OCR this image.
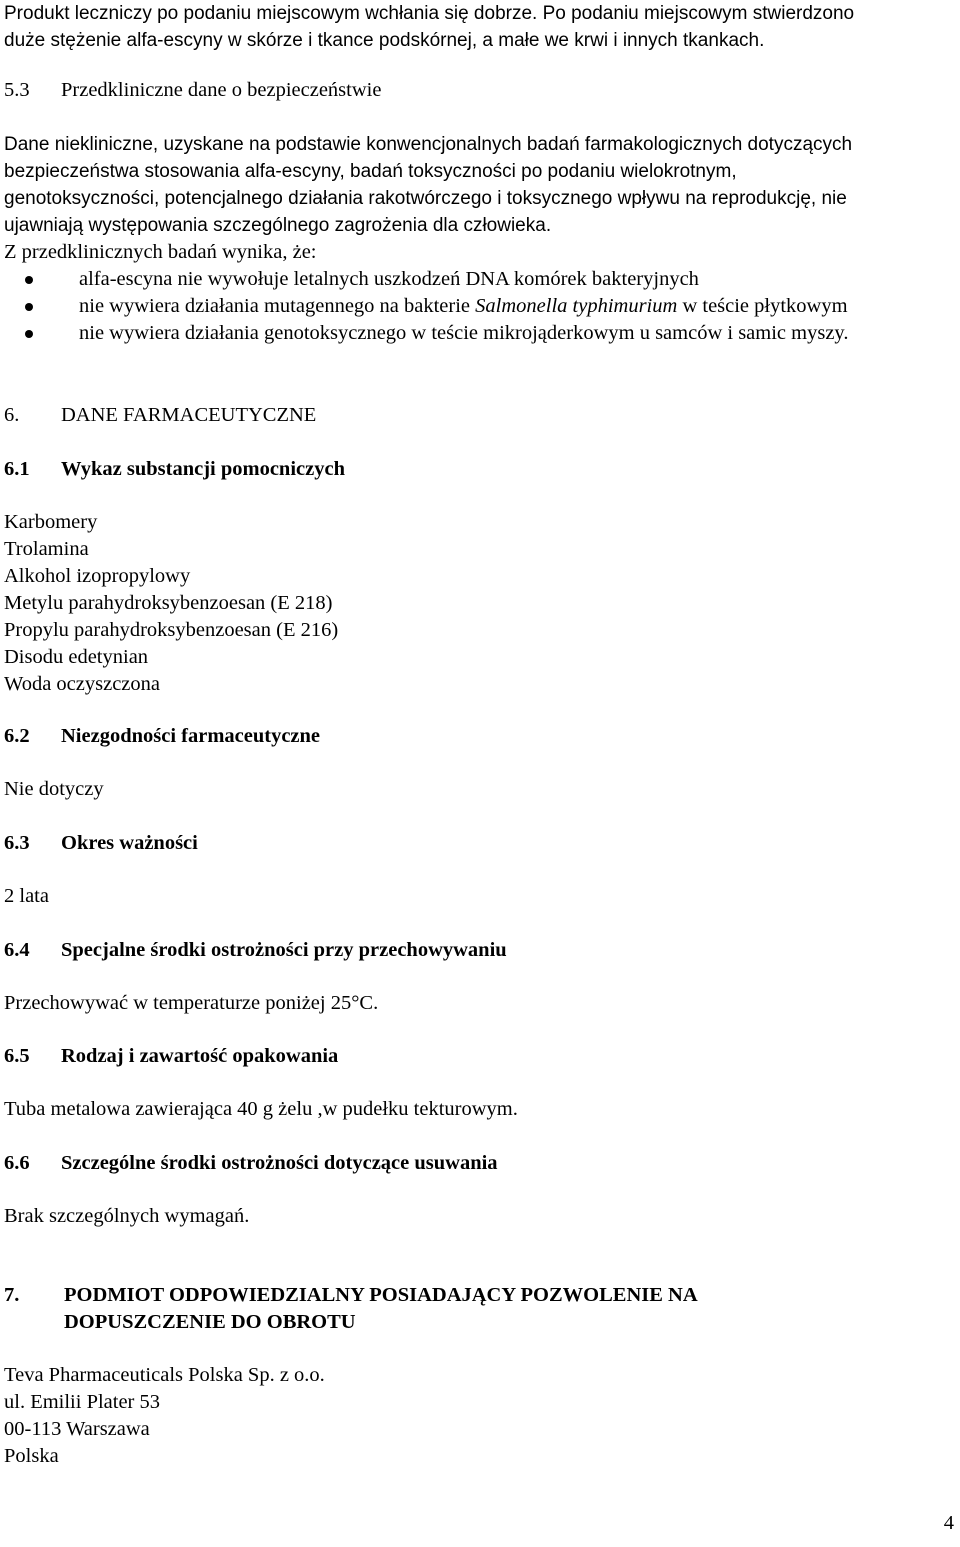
Produkt leczniczy po podaniu miejscowym wchłania się dobrze. Po podaniu miejscowym stwierdzono
duże stężenie alfa-escyny w skórze i tkance podskórnej, a małe we krwi i innych tkankach.
5.3 Przedkliniczne dane o bezpieczeństwie
Dane niekliniczne, uzyskane na podstawie konwencjonalnych badań farmakologicznych dotyczących
bezpieczeństwa stosowania alfa-escyny, badań toksyczności po podaniu wielokrotnym,
genotoksyczności, potencjalnego działania rakotwórczego i toksycznego wpływu na reprodukcję, nie
ujawniają występowania szczególnego zagrożenia dla człowieka.
Z przedklinicznych badań wynika, że:
alfa-escyna nie wywołuje letalnych uszkodzeń DNA komórek bakteryjnych
nie wywiera działania mutagennego na bakterie Salmonella typhimurium w teście płytkowym
nie wywiera działania genotoksycznego w teście mikrojąderkowym u samców i samic myszy.
6. DANE FARMACEUTYCZNE
6.1 Wykaz substancji pomocniczych
Karbomery
Trolamina
Alkohol izopropylowy
Metylu parahydroksybenzoesan (E 218)
Propylu parahydroksybenzoesan (E 216)
Disodu edetynian
Woda oczyszczona
6.2 Niezgodności farmaceutyczne
Nie dotyczy
6.3 Okres ważności
2 lata
6.4 Specjalne środki ostrożności przy przechowywaniu
Przechowywać w temperaturze poniżej 25°C.
6.5 Rodzaj i zawartość opakowania
Tuba metalowa zawierająca 40 g żelu ,w pudełku tekturowym.
6.6 Szczególne środki ostrożności dotyczące usuwania
Brak szczególnych wymagań.
7. PODMIOT ODPOWIEDZIALNY POSIADAJĄCY POZWOLENIE NA
DOPUSZCZENIE DO OBROTU
Teva Pharmaceuticals Polska Sp. z o.o.
ul. Emilii Plater 53
00-113 Warszawa
Polska
4
